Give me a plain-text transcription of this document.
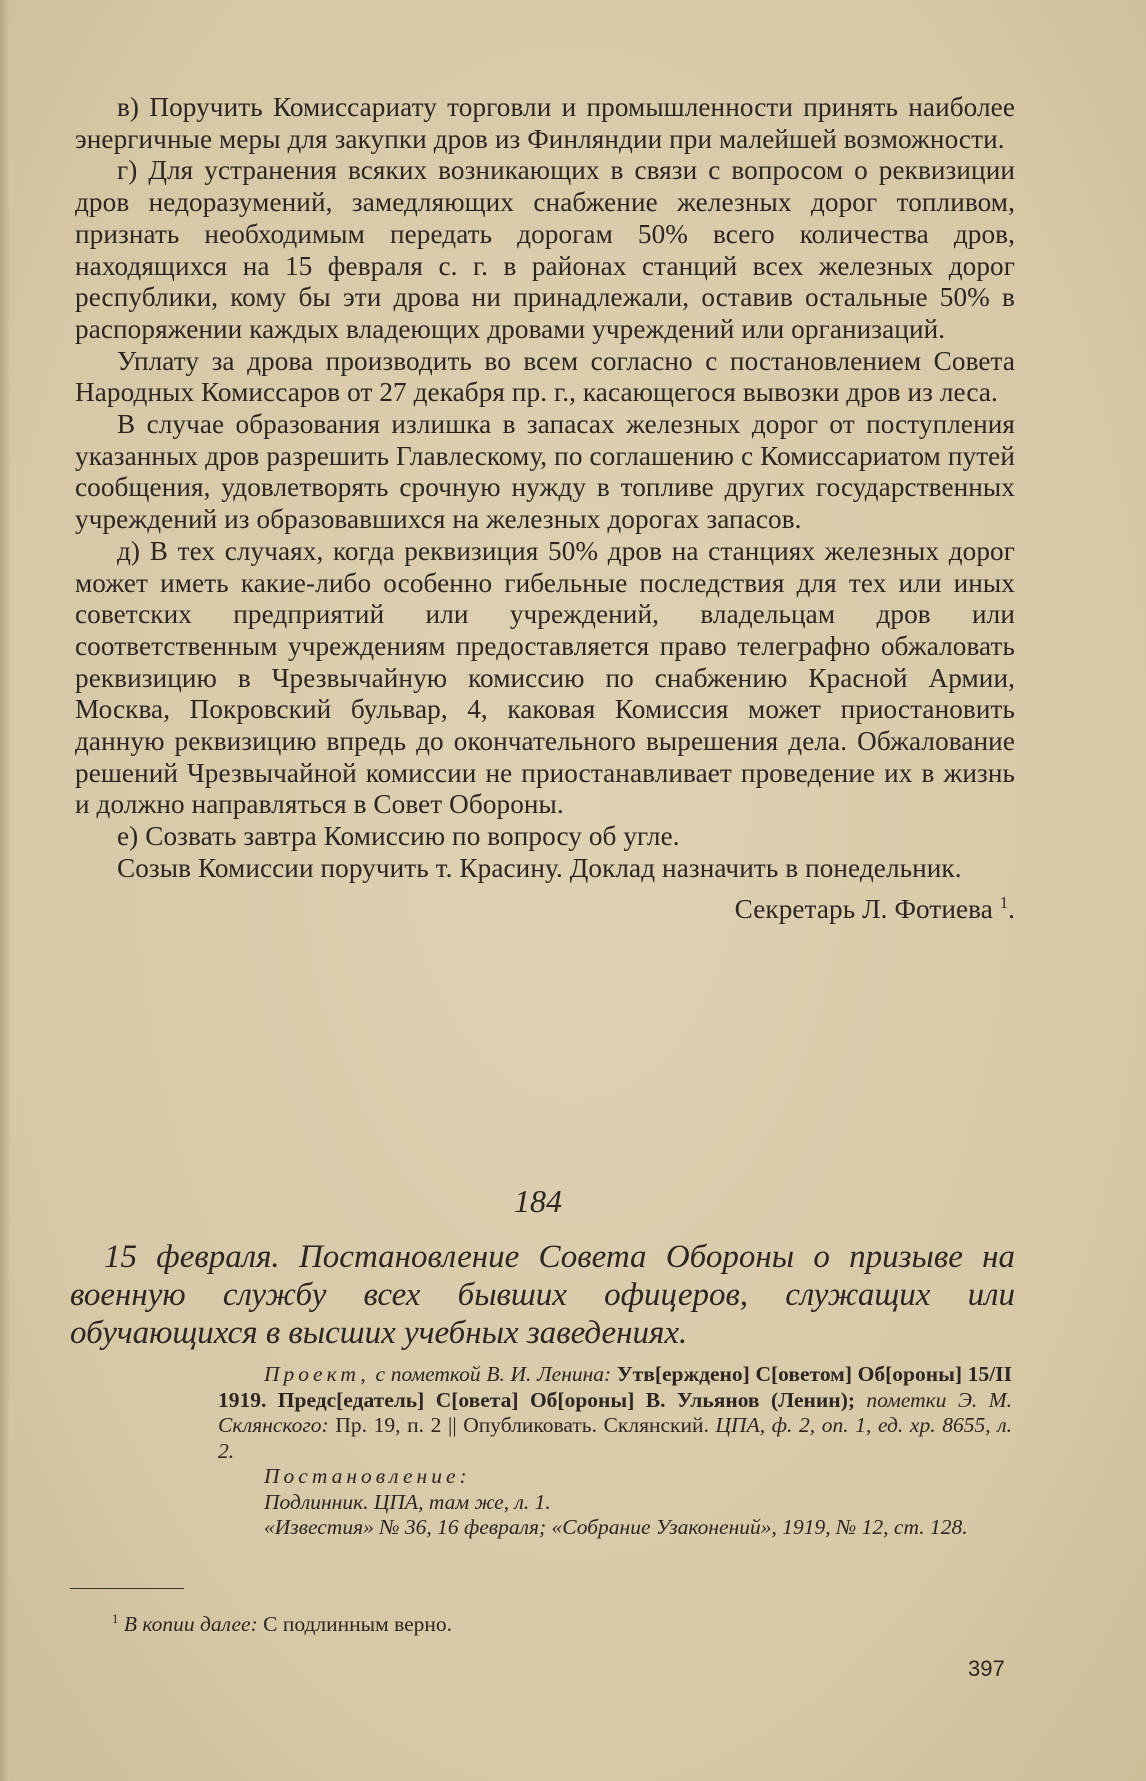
в) Поручить Комиссариату торговли и промышленности принять наиболее энергичные меры для закупки дров из Финляндии при малейшей возможности.

г) Для устранения всяких возникающих в связи с вопросом о реквизиции дров недоразумений, замедляющих снабжение железных дорог топливом, признать необходимым передать дорогам 50% всего количества дров, находящихся на 15 февраля с. г. в районах станций всех железных дорог республики, кому бы эти дрова ни принадлежали, оставив остальные 50% в распоряжении каждых владеющих дровами учреждений или организаций.

Уплату за дрова производить во всем согласно с постановлением Совета Народных Комиссаров от 27 декабря пр. г., касающегося вывозки дров из леса.

В случае образования излишка в запасах железных дорог от поступления указанных дров разрешить Главлескому, по соглашению с Комиссариатом путей сообщения, удовлетворять срочную нужду в топливе других государственных учреждений из образовавшихся на железных дорогах запасов.

д) В тех случаях, когда реквизиция 50% дров на станциях железных дорог может иметь какие-либо особенно гибельные последствия для тех или иных советских предприятий или учреждений, владельцам дров или соответственным учреждениям предоставляется право телеграфно обжаловать реквизицию в Чрезвычайную комиссию по снабжению Красной Армии, Москва, Покровский бульвар, 4, каковая Комиссия может приостановить данную реквизицию впредь до окончательного вырешения дела. Обжалование решений Чрезвычайной комиссии не приостанавливает проведение их в жизнь и должно направляться в Совет Обороны.

е) Созвать завтра Комиссию по вопросу об угле.

Созыв Комиссии поручить т. Красину. Доклад назначить в понедельник.

Секретарь Л. Фотиева $^1$.

184

15 февраля. Постановление Совета Обороны о призыве на военную службу всех бывших офицеров, служащих или обучающихся в высших учебных заведениях.

Проект, с пометкой В. И. Ленина: Утв[ерждено] С[оветом] Об[ороны] 15/II 1919. Предс[едатель] С[овета] Об[ороны] В. Ульянов (Ленин); пометки Э. М. Склянского: Пр. 19, п. 2 || Опубликовать. Склянский. ЦПА, ф. 2, оп. 1, ед. хр. 8655, л. 2.

Постановление:

Подлинник. ЦПА, там же, л. 1.

«Известия» № 36, 16 февраля; «Собрание Узаконений», 1919, № 12, ст. 128.

$^1$ В копии далее: С подлинным верно.
397
